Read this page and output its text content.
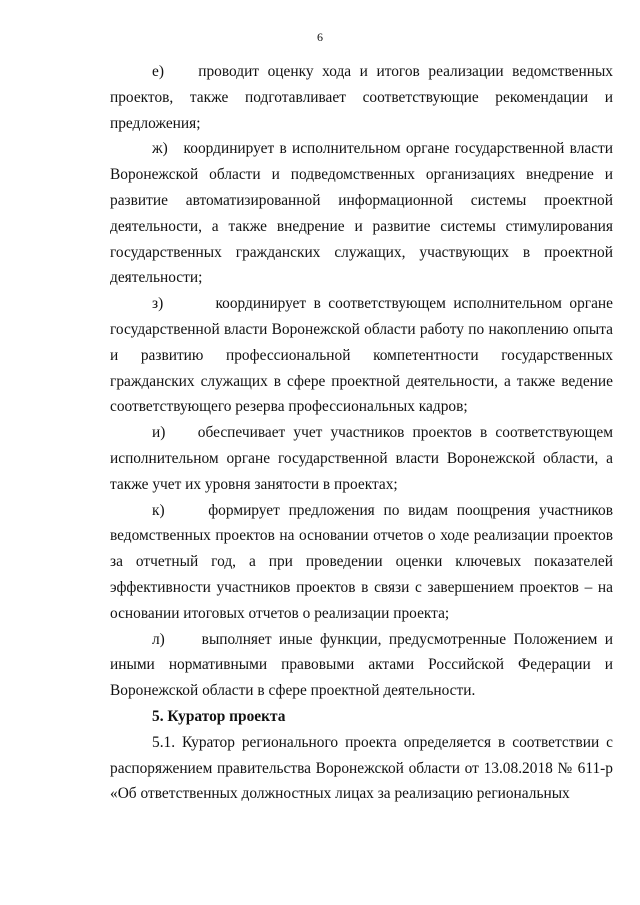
6

е) проводит оценку хода и итогов реализации ведомственных проектов, также подготавливает соответствующие рекомендации и предложения;

ж) координирует в исполнительном органе государственной власти Воронежской области и подведомственных организациях внедрение и развитие автоматизированной информационной системы проектной деятельности, а также внедрение и развитие системы стимулирования государственных гражданских служащих, участвующих в проектной деятельности;

з)	координирует в соответствующем исполнительном органе государственной власти Воронежской области работу по накоплению опыта и развитию профессиональной компетентности государственных гражданских служащих в сфере проектной деятельности, а также ведение соответствующего резерва профессиональных кадров;

и) обеспечивает учет участников проектов в соответствующем исполнительном органе государственной власти Воронежской области, а также учет их уровня занятости в проектах;

к)	формирует предложения по видам поощрения участников ведомственных проектов на основании отчетов о ходе реализации проектов за отчетный год, а при проведении оценки ключевых показателей эффективности участников проектов в связи с завершением проектов – на основании итоговых отчетов о реализации проекта;

л) выполняет иные функции, предусмотренные Положением и иными нормативными правовыми актами Российской Федерации и Воронежской области в сфере проектной деятельности.

5. Куратор проекта

5.1. Куратор регионального проекта определяется в соответствии с распоряжением правительства Воронежской области от 13.08.2018 № 611-р «Об ответственных должностных лицах за реализацию региональных
